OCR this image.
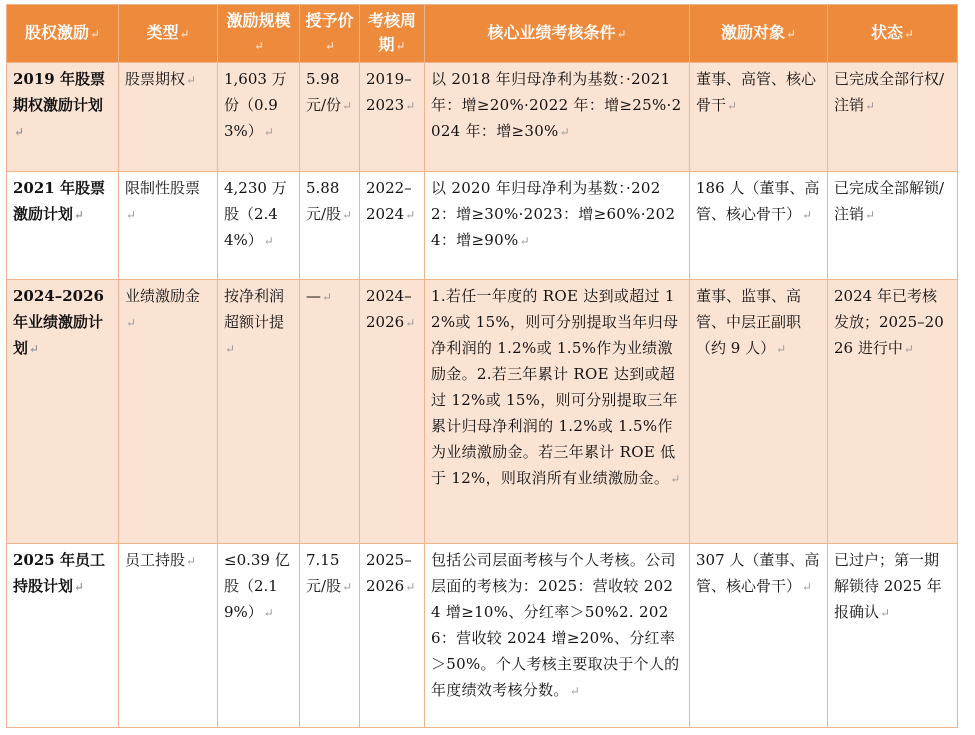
股权激励↵	类型↵	激励规模↵	授予价↵	考核周期↵	核心业绩考核条件↵	激励对象↵	状态↵
2019 年股票期权激励计划↵	股票期权↵	1,603 万份（0.93%）↵	5.98 元/份↵	2019–2023↵	以 2018 年归母净利为基数：·2021 年：增≥20%·2022 年：增≥25%·2024 年：增≥30%↵	董事、高管、核心骨干↵	已完成全部行权/注销↵
2021 年股票激励计划↵	限制性股票↵	4,230 万股（2.44%）↵	5.88 元/股↵	2022–2024↵	以 2020 年归母净利为基数：·2022：增≥30%·2023：增≥60%·2024：增≥90%↵	186 人（董事、高管、核心骨干）↵	已完成全部解锁/注销↵
2024–2026 年业绩激励计划↵	业绩激励金↵	按净利润超额计提↵	—↵	2024–2026↵	1.若任一年度的 ROE 达到或超过 12%或 15%，则可分别提取当年归母净利润的 1.2%或 1.5%作为业绩激励金。2.若三年累计 ROE 达到或超过 12%或 15%，则可分别提取三年累计归母净利润的 1.2%或 1.5%作为业绩激励金。若三年累计 ROE 低于 12%，则取消所有业绩激励金。↵	董事、监事、高管、中层正副职（约 9 人）↵	2024 年已考核发放；2025–2026 进行中↵
2025 年员工持股计划↵	员工持股↵	≤0.39 亿股（2.19%）↵	7.15 元/股↵	2025–2026↵	包括公司层面考核与个人考核。公司层面的考核为：2025：营收较 2024 增≥10%、分红率＞50%2. 2026：营收较 2024 增≥20%、分红率＞50%。个人考核主要取决于个人的年度绩效考核分数。↵	307 人（董事、高管、核心骨干）↵	已过户；第一期解锁待 2025 年报确认↵
